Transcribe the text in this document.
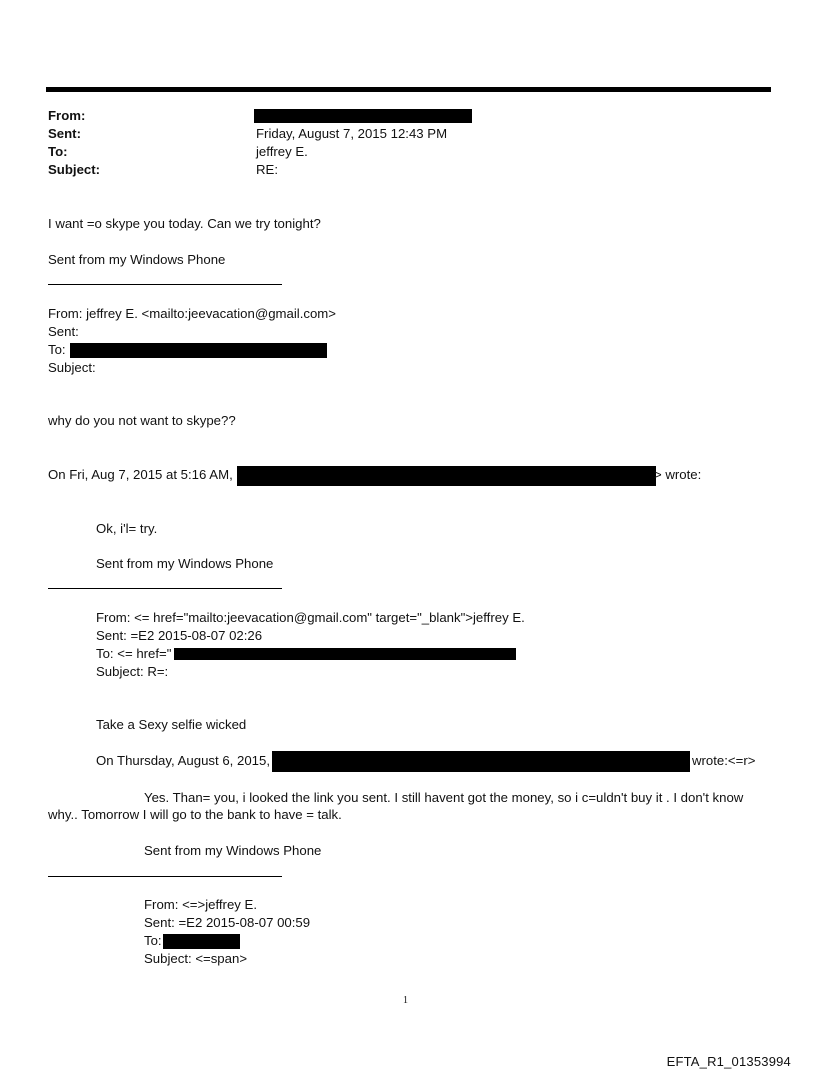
From:
Sent:	Friday, August 7, 2015 12:43 PM
To:	jeffrey E.
Subject:	RE:
I want =o skype you today. Can we try tonight?
Sent from my Windows Phone
From: jeffrey E. <mailto:jeevacation@gmail.com>
Sent:
To:
Subject:
why do you not want to skype??
On Fri, Aug 7, 2015 at 5:16 AM,	> wrote:
Ok, i'l= try.
Sent from my Windows Phone
From: <= href="mailto:jeevacation@gmail.com" target="_blank">jeffrey E.
Sent: =E2 2015-08-07 02:26
To: <= href="
Subject: R=:
Take a Sexy selfie wicked
On Thursday, August 6, 2015,	wrote:<=r>
Yes. Than= you, i looked the link you sent. I still havent got the money, so i c=uldn't buy it . I don't know
why.. Tomorrow I will go to the bank to have = talk.
Sent from my Windows Phone
From: <=>jeffrey E.
Sent: =E2 2015-08-07 00:59
To:
Subject: <=span>
1
EFTA_R1_01353994
